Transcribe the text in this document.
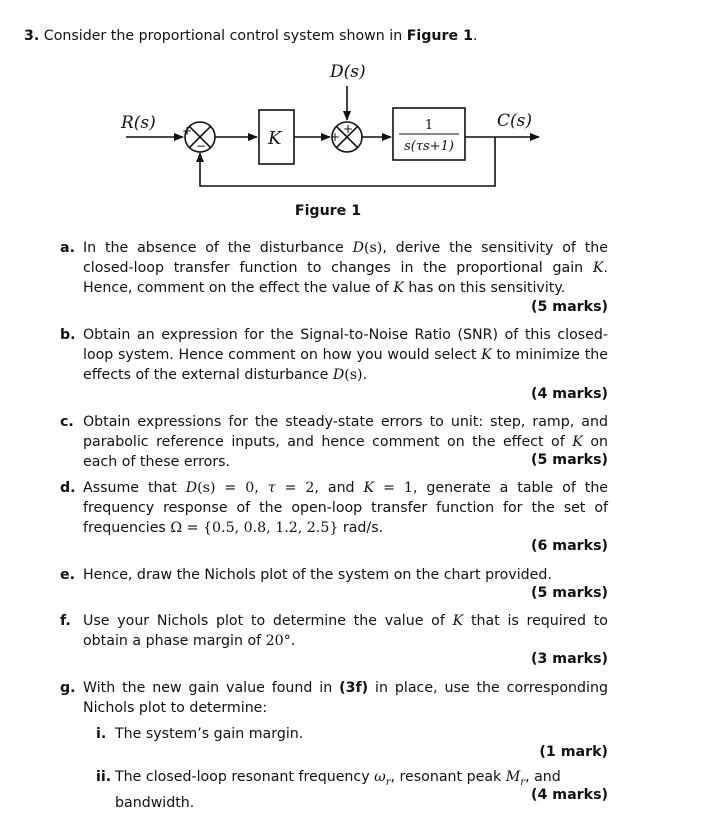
3. Consider the proportional control system shown in Figure 1.
D(s)
R(s)	C(s)
K
1
s(τs+1)
+
−
+
+
Figure 1
a. In the absence of the disturbance D(s), derive the sensitivity of the closed-loop transfer function to changes in the proportional gain K. Hence, comment on the effect the value of K has on this sensitivity.
(5 marks)
b. Obtain an expression for the Signal-to-Noise Ratio (SNR) of this closed-loop system. Hence comment on how you would select K to minimize the effects of the external disturbance D(s).
(4 marks)
c. Obtain expressions for the steady-state errors to unit: step, ramp, and parabolic reference inputs, and hence comment on the effect of K on each of these errors.	(5 marks)
d. Assume that D(s) = 0, τ = 2, and K = 1, generate a table of the frequency response of the open-loop transfer function for the set of frequencies Ω = {0.5, 0.8, 1.2, 2.5} rad/s.
(6 marks)
e. Hence, draw the Nichols plot of the system on the chart provided.
(5 marks)
f. Use your Nichols plot to determine the value of K that is required to obtain a phase margin of 20°.
(3 marks)
g. With the new gain value found in (3f) in place, use the corresponding Nichols plot to determine:
i. The system’s gain margin.
(1 mark)
ii. The closed-loop resonant frequency $\omega_r$, resonant peak $M_r$, and bandwidth.	(4 marks)
